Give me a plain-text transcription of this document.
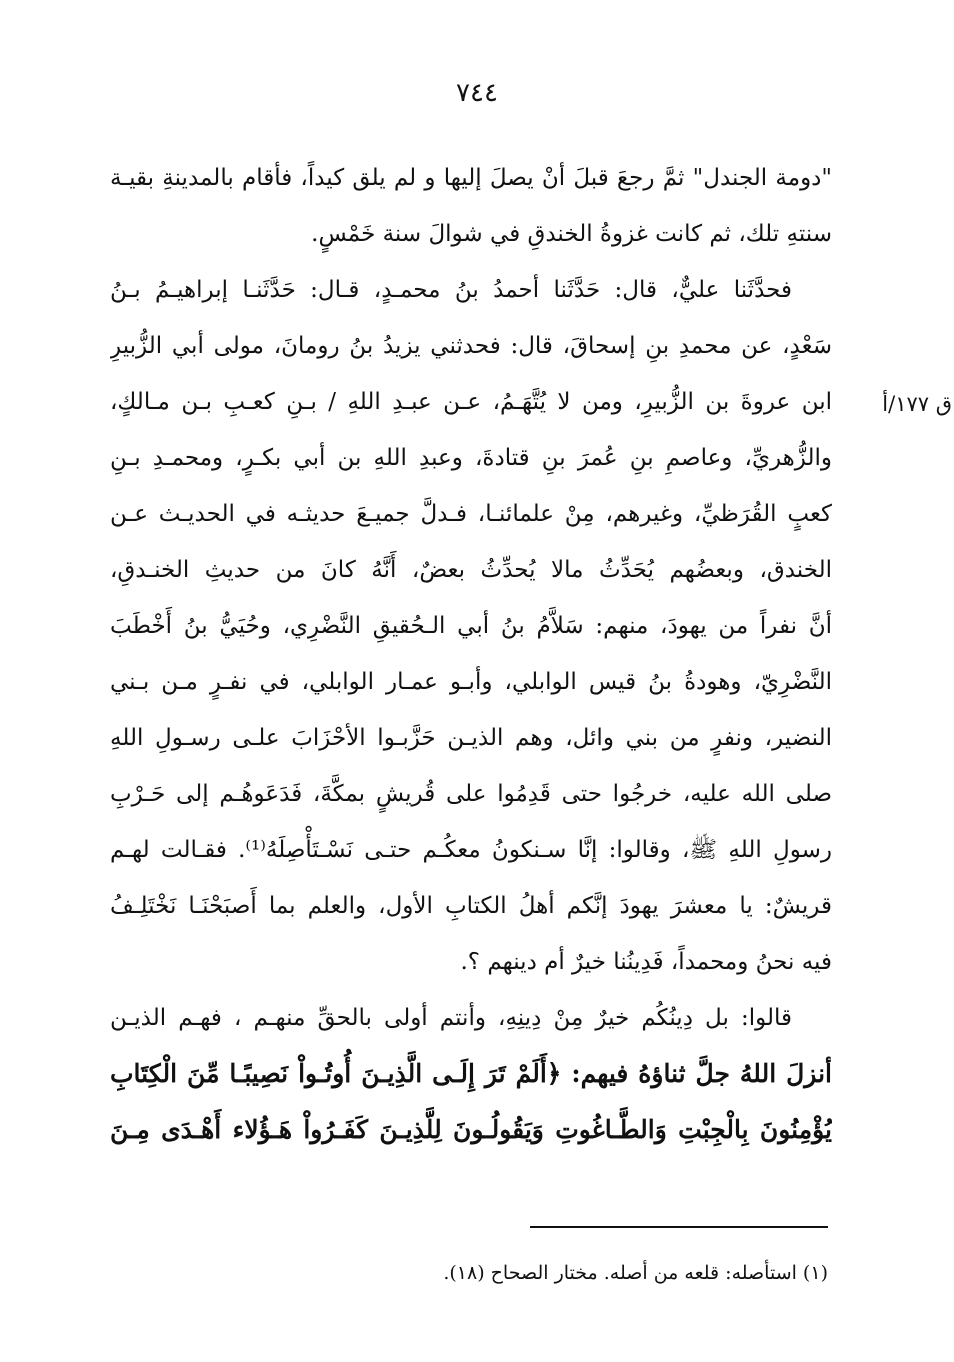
٧٤٤
ق ١٧٧/أ
"دومة الجندل" ثمَّ رجعَ قبلَ أنْ يصلَ إليها و لم يلق كيداً، فأقام بالمدينةِ بقيـة
سنتهِ تلك، ثم كانت غزوةُ الخندقِ في شوالَ سنة خَمْسٍ.
فحدَّثَنا عليٌّ، قال: حَدَّثَنا أحمدُ بنُ محمـدٍ، قـال: حَدَّثَنـا إبراهيـمُ بـنُ
سَعْدٍ، عن محمدِ بنِ إسحاقَ، قال: فحدثني يزيدُ بنُ رومانَ، مولى أبي الزُّبيرِ
ابن عروةَ بن الزُّبيرِ، ومن لا يُتَّهَـمُ، عـن عبـدِ اللهِ / بـنِ كعـبِ بـن مـالكٍ،
والزُّهريِّ، وعاصمِ بنِ عُمرَ بنِ قتادةَ، وعبدِ اللهِ بن أبي بكـرٍ، ومحمـدِ بـنِ
كعبٍ القُرَظيِّ، وغيرهم، مِنْ علمائنـا، فـدلَّ جميـعَ حديثـه في الحديـث عـن
الخندق، وبعضُهم يُحَدِّثُ مالا يُحدِّثُ بعضٌ، أَنَّهُ كانَ من حديثِ الخنـدقِ،
أنَّ نفراً من يهودَ، منهم: سَلاَّمُ بنُ أبي الـحُقيقِ النَّضْرِي، وحُيَيُّ بنُ أَخْطَبَ
النَّضْرِيّ، وهودةُ بنُ قيس الوابلي، وأبـو عمـار الوابلي، في نفـرٍ مـن بـني
النضير، ونفرٍ من بني وائل، وهم الذيـن حَزَّبـوا الأحْزَابَ علـى رسـولِ اللهِ
صلى الله عليه، خرجُوا حتى قَدِمُوا على قُريشٍ بمكَّةَ، فَدَعَوهُـم إلى حَـرْبِ
رسولِ اللهِ ﷺ، وقالوا: إنَّا سـنكونُ معكُـم حتـى نَسْـتَأْصِلَهُ⁽¹⁾. فقـالت لهـم
قريشٌ: يا معشرَ يهودَ إنَّكم أهلُ الكتابِ الأول، والعلم بما أَصبَحْنَـا نَخْتَلِـفُ
فيه نحنُ ومحمداً، فَدِينُنا خيرٌ أم دينهم ؟.
قالوا: بل دِينُكُم خيرٌ مِنْ دِينِهِ، وأنتم أولى بالحقِّ منهـم ، فهـم الذيـن
أنزلَ اللهُ جلَّ ثناؤهُ فيهم: ﴿أَلَمْ تَرَ إِلَـى الَّذِيـنَ أُوتُـواْ نَصِيبًـا مِّنَ الْكِتَابِ
يُؤْمِنُونَ بِالْجِبْتِ وَالطَّـاغُوتِ وَيَقُولُـونَ لِلَّذِيـنَ كَفَـرُواْ هَـؤُلاء أَهْـدَى مِـنَ
(١) استأصله: قلعه من أصله. مختار الصحاح (١٨).
